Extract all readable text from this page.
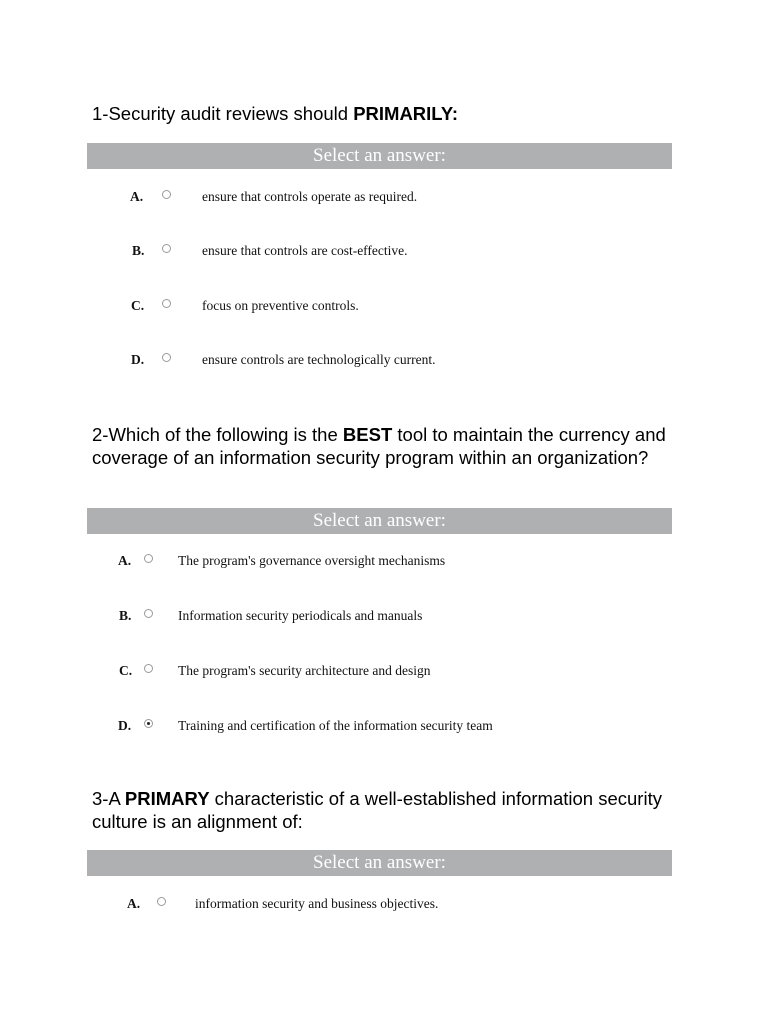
1-Security audit reviews should PRIMARILY:
Select an answer:
A.	ensure that controls operate as required.
B.	ensure that controls are cost-effective.
C.	focus on preventive controls.
D.	ensure controls are technologically current.
2-Which of the following is the BEST tool to maintain the currency and coverage of an information security program within an organization?
Select an answer:
A.	The program's governance oversight mechanisms
B.	Information security periodicals and manuals
C.	The program's security architecture and design
D.	Training and certification of the information security team
3-A PRIMARY characteristic of a well-established information security culture is an alignment of:
Select an answer:
A.	information security and business objectives.
